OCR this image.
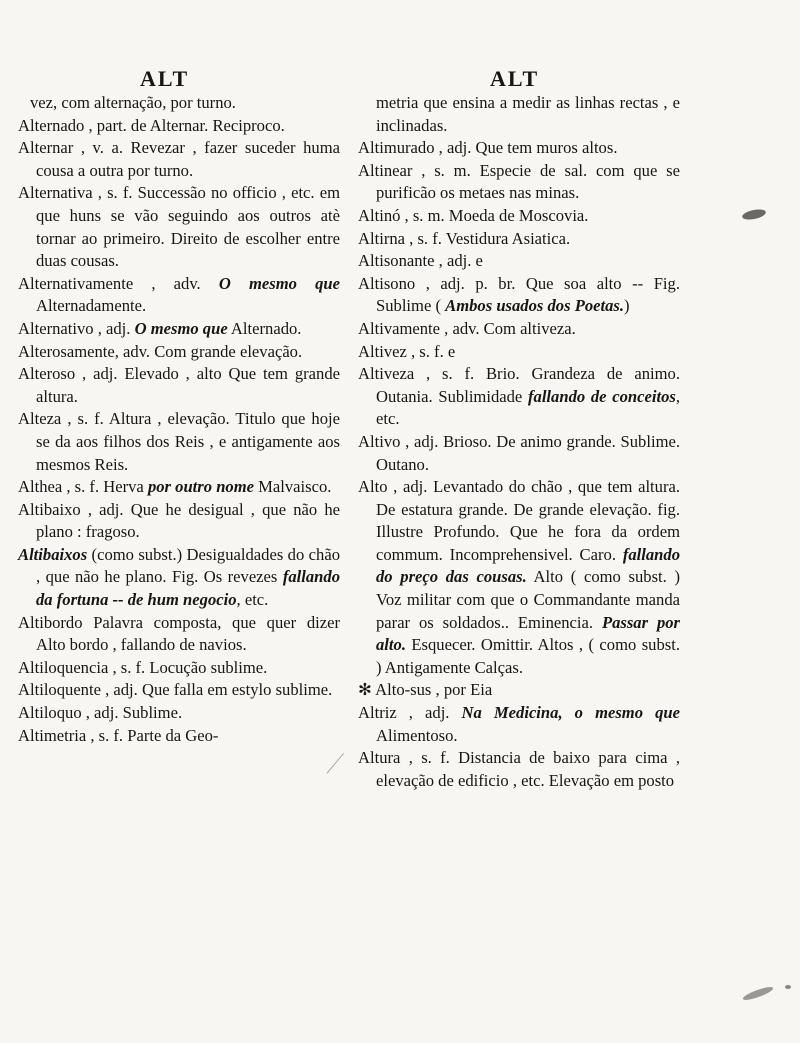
ALT	ALT

vez, com alternação, por turno.

Alternado , part. de Alternar. Reciproco.

Alternar , v. a. Revezar , fazer suceder huma cousa a outra por turno.

Alternativa , s. f. Successão no officio , etc. em que huns se vão seguindo aos outros atè tornar ao primeiro. Direito de escolher entre duas cousas.

Alternativamente , adv. O mesmo que Alternadamente.

Alternativo , adj. O mesmo que Alternado.

Alterosamente, adv. Com grande elevação.

Alteroso , adj. Elevado , alto Que tem grande altura.

Alteza , s. f. Altura , elevação. Titulo que hoje se da aos filhos dos Reis , e antigamente aos mesmos Reis.

Althea , s. f. Herva por outro nome Malvaisco.

Altibaixo , adj. Que he desigual , que não he plano : fragoso.

Altibaixos (como subst.) Desigualdades do chão , que não he plano. Fig. Os revezes fallando da fortuna -- de hum negocio, etc.

Altibordo Palavra composta, que quer dizer Alto bordo , fallando de navios.

Altiloquencia , s. f. Locução sublime.

Altiloquente , adj. Que falla em estylo sublime.

Altiloquo , adj. Sublime.

Altimetria , s. f. Parte da Geo-

metria que ensina a medir as linhas rectas , e inclinadas.

Altimurado , adj. Que tem muros altos.

Altinear , s. m. Especie de sal. com que se purificão os metaes nas minas.

Altinó , s. m. Moeda de Moscovia.

Altirna , s. f. Vestidura Asiatica.

Altisonante , adj. e

Altisono , adj. p. br. Que soa alto -- Fig. Sublime ( Ambos usados dos Poetas.)

Altivamente , adv. Com altiveza.

Altivez , s. f. e

Altiveza , s. f. Brio. Grandeza de animo. Outania. Sublimidade fallando de conceitos, etc.

Altivo , adj. Brioso. De animo grande. Sublime. Outano.

Alto , adj. Levantado do chão , que tem altura. De estatura grande. De grande elevação. fig. Illustre Profundo. Que he fora da ordem commum. Incomprehensivel. Caro. fallando do preço das cousas. Alto ( como subst. ) Voz militar com que o Commandante manda parar os soldados.. Eminencia. Passar por alto. Esquecer. Omittir. Altos , ( como subst. ) Antigamente Calças.

✻ Alto-sus , por Eia

Altriz , adj. Na Medicina, o mesmo que Alimentoso.

Altura , s. f. Distancia de baixo para cima , elevação de edificio , etc. Elevação em posto
